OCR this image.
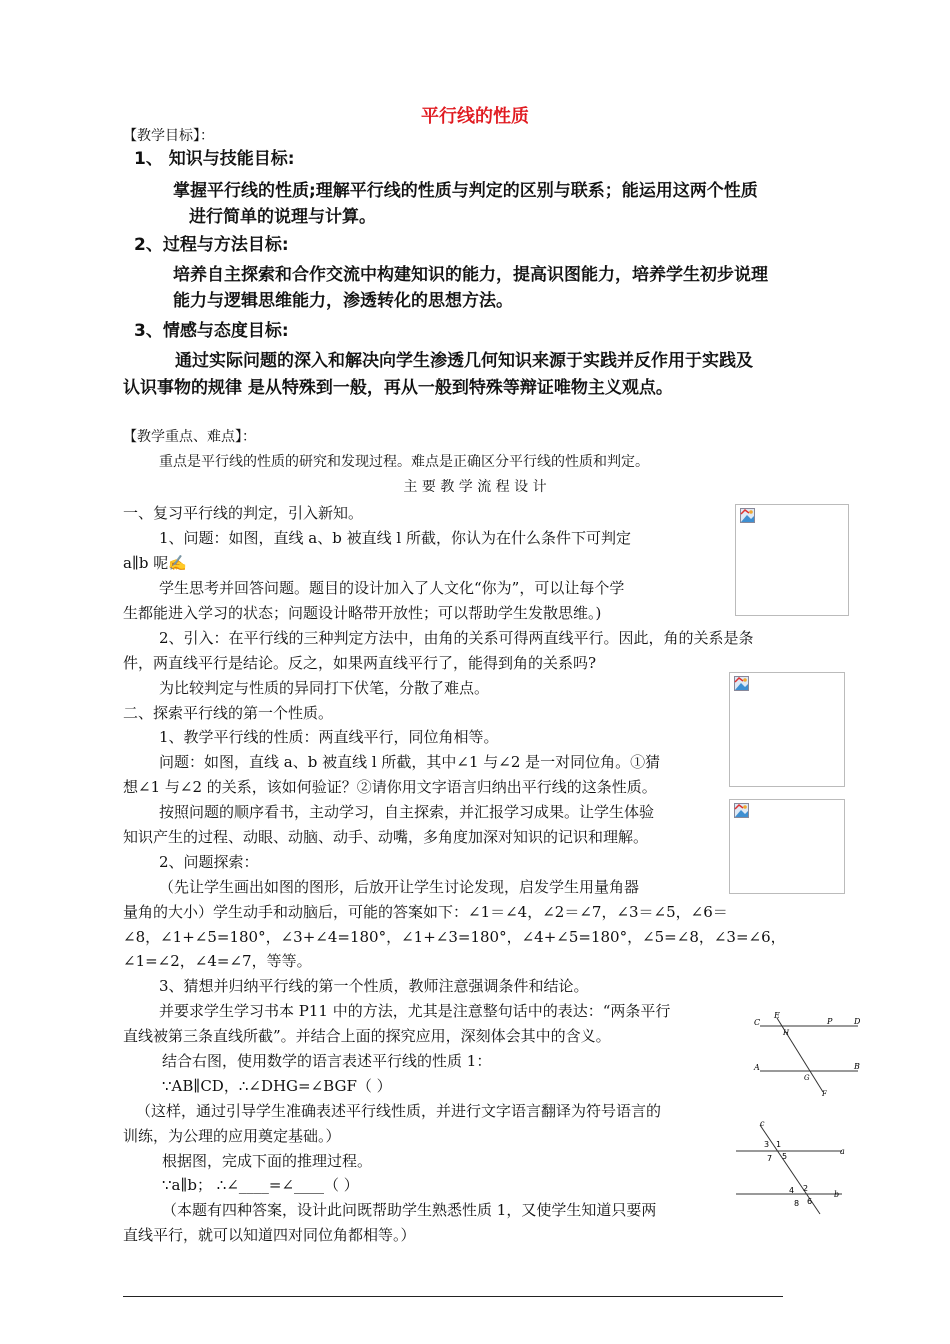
平行线的性质
【教学目标】：
1、 知识与技能目标:
掌握平行线的性质;理解平行线的性质与判定的区别与联系；能运用这两个性质
进行简单的说理与计算。
2、过程与方法目标:
培养自主探索和合作交流中构建知识的能力，提高识图能力，培养学生初步说理
能力与逻辑思维能力，渗透转化的思想方法。
3、情感与态度目标:
通过实际问题的深入和解决向学生渗透几何知识来源于实践并反作用于实践及
认识事物的规律 是从特殊到一般，再从一般到特殊等辩证唯物主义观点。
【教学重点、难点】：
重点是平行线的性质的研究和发现过程。难点是正确区分平行线的性质和判定。
主 要 教 学 流 程 设 计
一、复习平行线的判定，引入新知。
1、问题：如图，直线 a、b 被直线 l 所截，你认为在什么条件下可判定
a∥b 呢✍
学生思考并回答问题。题目的设计加入了人文化“你为”，可以让每个学
生都能进入学习的状态；问题设计略带开放性；可以帮助学生发散思维。)
2、引入：在平行线的三种判定方法中，由角的关系可得两直线平行。因此，角的关系是条
件，两直线平行是结论。反之，如果两直线平行了，能得到角的关系吗?
为比较判定与性质的异同打下伏笔，分散了难点。
二、探索平行线的第一个性质。
1、教学平行线的性质：两直线平行，同位角相等。
问题：如图，直线 a、b 被直线 l 所截，其中∠1 与∠2 是一对同位角。①猜
想∠1 与∠2 的关系，该如何验证？②请你用文字语言归纳出平行线的这条性质。
按照问题的顺序看书，主动学习，自主探索，并汇报学习成果。让学生体验
知识产生的过程、动眼、动脑、动手、动嘴，多角度加深对知识的记识和理解。
2、问题探索：
（先让学生画出如图的图形，后放开让学生讨论发现，启发学生用量角器
量角的大小）学生动手和动脑后，可能的答案如下：∠1＝∠4，∠2＝∠7，∠3＝∠5，∠6＝
∠8，∠1+∠5=180°，∠3+∠4=180°，∠1+∠3=180°，∠4+∠5=180°，∠5=∠8，∠3=∠6，
∠1=∠2，∠4=∠7，等等。
3、猜想并归纳平行线的第一个性质，教师注意强调条件和结论。
并要求学生学习书本 P11 中的方法，尤其是注意整句话中的表达：“两条平行
直线被第三条直线所截”。并结合上面的探究应用，深刻体会其中的含义。
结合右图，使用数学的语言表述平行线的性质 1：
∵AB∥CD，∴∠DHG=∠BGF（ ）
（这样，通过引导学生准确表述平行线性质，并进行文字语言翻译为符号语言的
训练，为公理的应用奠定基础。）
根据图，完成下面的推理过程。
∵a∥b； ∴∠____=∠____（ ）
（本题有四种答案，设计此问既帮助学生熟悉性质 1，又使学生知道只要两
直线平行，就可以知道四对同位角都相等。）
C
E
P	D
H
A
G
B
F
c
a
b
3 1
7 5
4 2
8 6
